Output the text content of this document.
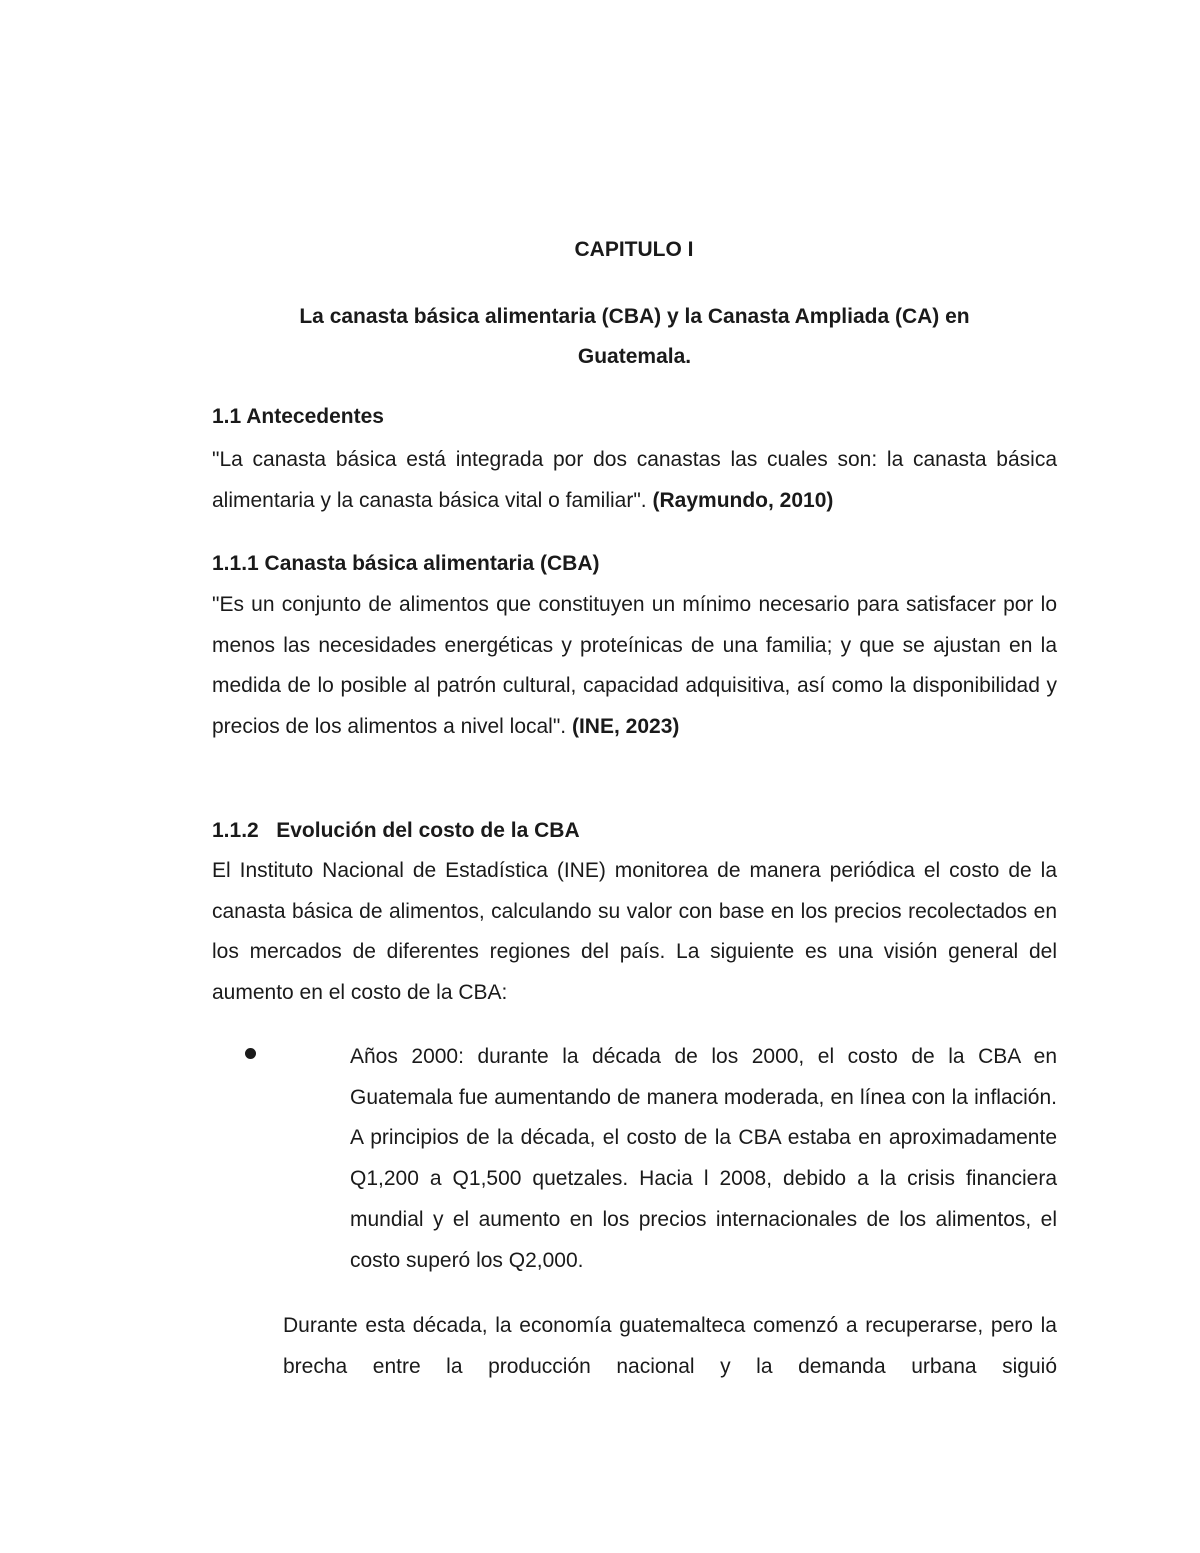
CAPITULO I
La canasta básica alimentaria (CBA) y la Canasta Ampliada (CA) en
Guatemala.
1.1 Antecedentes

"La canasta básica está integrada por dos canastas las cuales son: la canasta básica alimentaria y la canasta básica vital o familiar". (Raymundo, 2010)

1.1.1 Canasta básica alimentaria (CBA)

"Es un conjunto de alimentos que constituyen un mínimo necesario para satisfacer por lo menos las necesidades energéticas y proteínicas de una familia; y que se ajustan en la medida de lo posible al patrón cultural, capacidad adquisitiva, así como la disponibilidad y precios de los alimentos a nivel local". (INE, 2023)

1.1.2 Evolución del costo de la CBA

El Instituto Nacional de Estadística (INE) monitorea de manera periódica el costo de la canasta básica de alimentos, calculando su valor con base en los precios recolectados en los mercados de diferentes regiones del país. La siguiente es una visión general del aumento en el costo de la CBA:

Años 2000: durante la década de los 2000, el costo de la CBA en Guatemala fue aumentando de manera moderada, en línea con la inflación. A principios de la década, el costo de la CBA estaba en aproximadamente Q1,200 a Q1,500 quetzales. Hacia l 2008, debido a la crisis financiera mundial y el aumento en los precios internacionales de los alimentos, el costo superó los Q2,000.

Durante esta década, la economía guatemalteca comenzó a recuperarse, pero la brecha entre la producción nacional y la demanda urbana siguió
